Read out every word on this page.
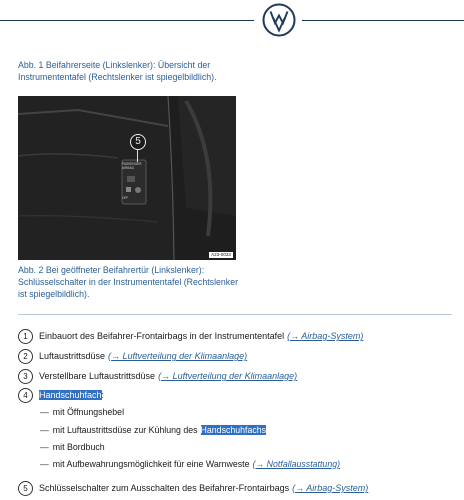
Abb. 1 Beifahrerseite (Linkslenker): Übersicht der Instrumententafel (Rechtslenker ist spiegelbildlich).
5
PASSENGER AIRBAG
OFF
A23-0033
Abb. 2 Bei geöffneter Beifahrertür (Linkslenker): Schlüsselschalter in der Instrumententafel (Rechtslenker ist spiegelbildlich).
1	Einbauort des Beifahrer-Frontairbags in der Instrumententafel (→ Airbag-System)
2	Luftaustrittsdüse (→ Luftverteilung der Klimaanlage)
3	Verstellbare Luftaustrittsdüse (→ Luftverteilung der Klimaanlage)
4	Handschuhfach :
— mit Öffnungshebel
— mit Luftaustrittsdüse zur Kühlung des Handschuhfachs
— mit Bordbuch
— mit Aufbewahrungsmöglichkeit für eine Warnweste (→ Notfallausstattung)
5	Schlüsselschalter zum Ausschalten des Beifahrer-Frontairbags (→ Airbag-System)
